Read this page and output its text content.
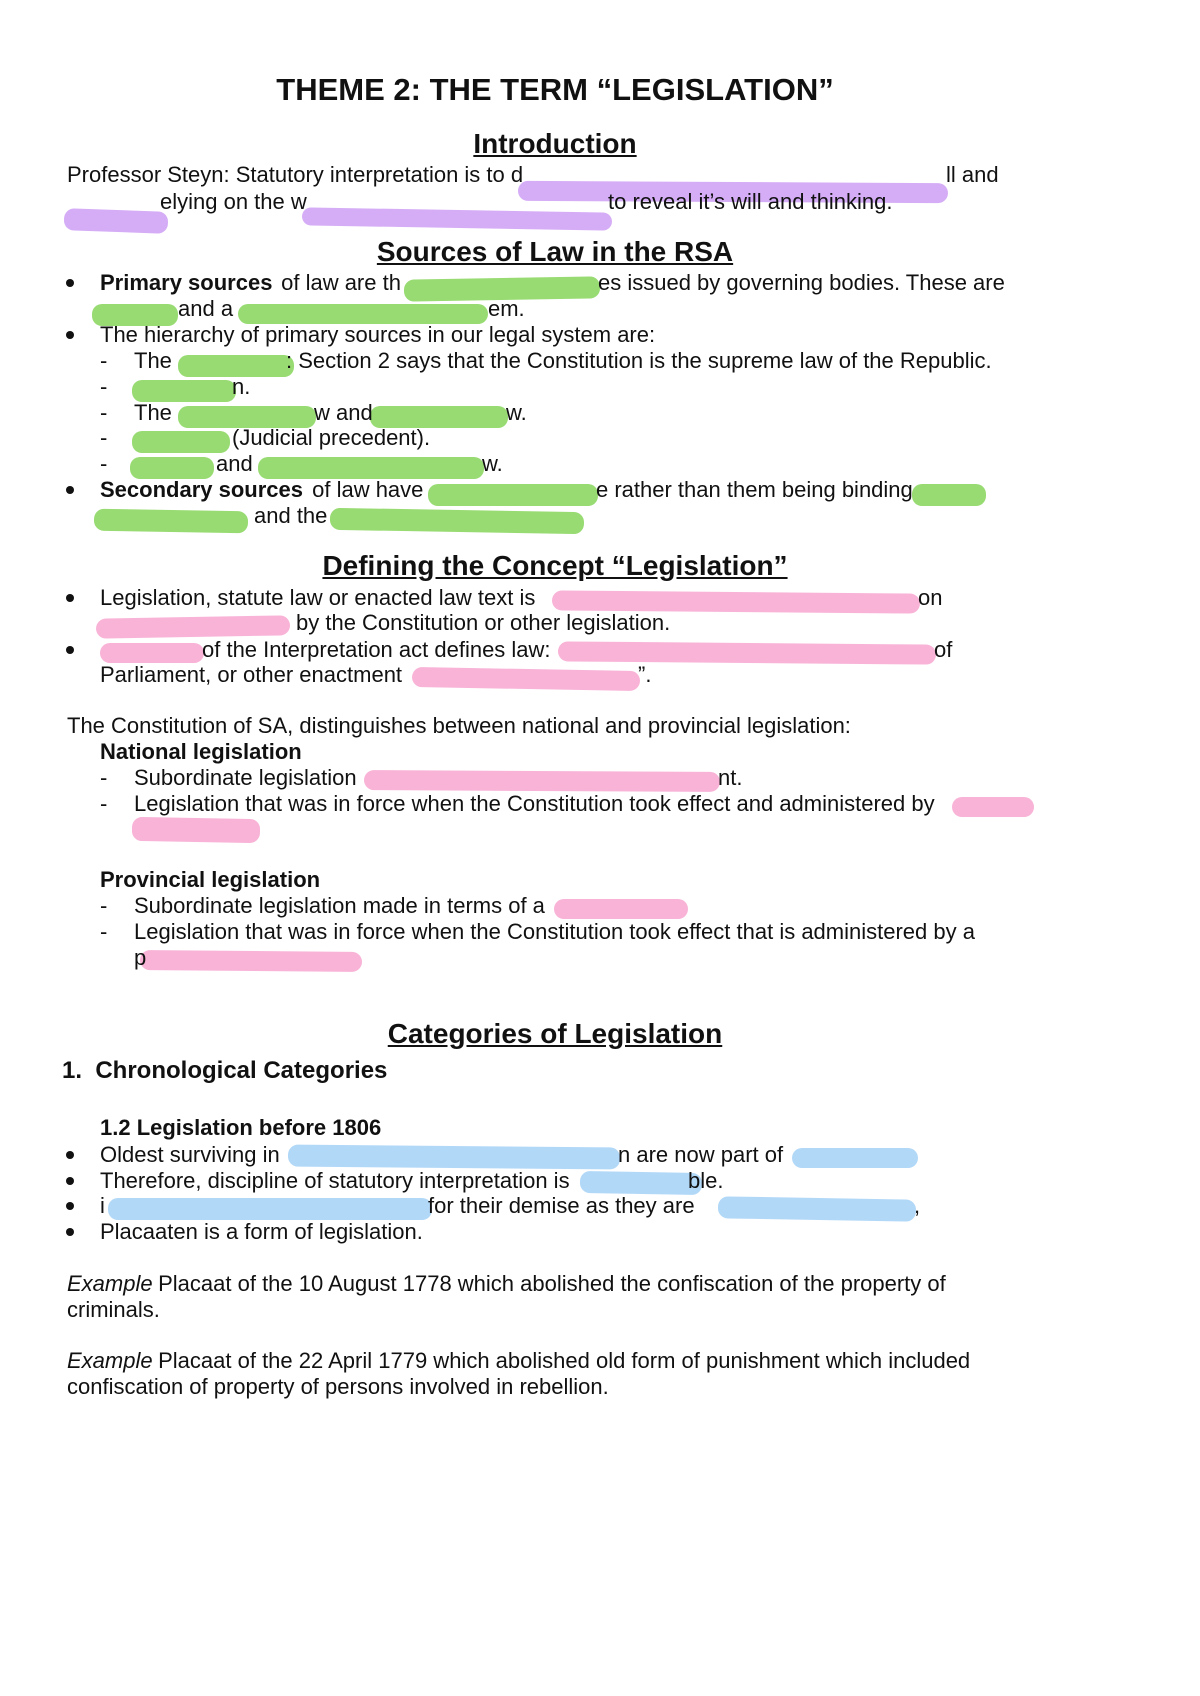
THEME 2: THE TERM “LEGISLATION”
Introduction
Professor Steyn: Statutory interpretation is to d	ll and
elying on the w	to reveal it’s will and thinking.
Sources of Law in the RSA
Primary sources of law are th	es issued by governing bodies. These are
and a	em.
The hierarchy of primary sources in our legal system are:
- The	: Section 2 says that the Constitution is the supreme law of the Republic.
-	n.
- The	w and	w.
-	(Judicial precedent).
-	and	w.
Secondary sources of law have	e rather than them being binding
and the
Defining the Concept “Legislation”
Legislation, statute law or enacted law text is	on
by the Constitution or other legislation.
of the Interpretation act defines law:	of
Parliament, or other enactment	”.
The Constitution of SA, distinguishes between national and provincial legislation:
National legislation
- Subordinate legislation	nt.
- Legislation that was in force when the Constitution took effect and administered by
Provincial legislation
- Subordinate legislation made in terms of a
- Legislation that was in force when the Constitution took effect that is administered by a
p
Categories of Legislation
1.  Chronological Categories
1.2 Legislation before 1806
Oldest surviving in	n are now part of
Therefore, discipline of statutory interpretation is	ble.
i	for their demise as they are	,
Placaaten is a form of legislation.
Example Placaat of the 10 August 1778 which abolished the confiscation of the property of
criminals.
Example Placaat of the 22 April 1779 which abolished old form of punishment which included
confiscation of property of persons involved in rebellion.
